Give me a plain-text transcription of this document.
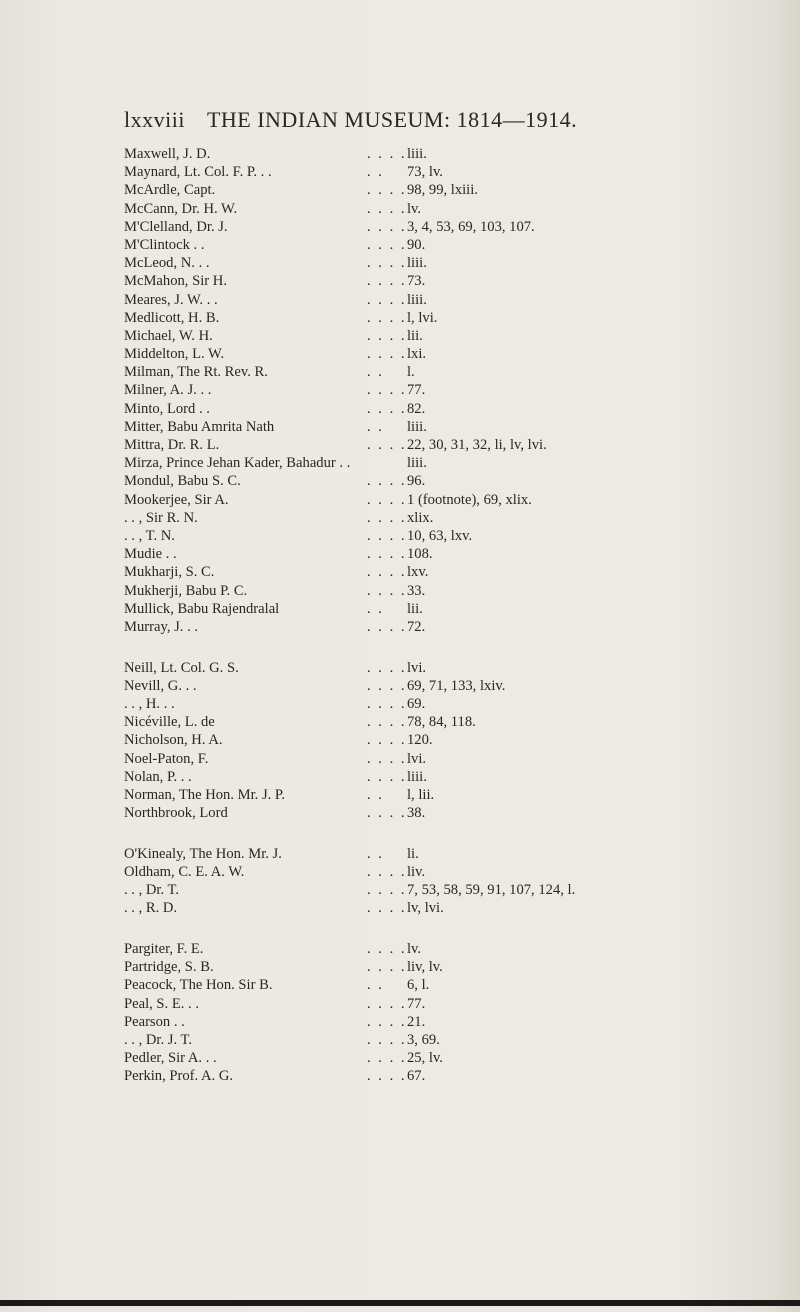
lxxviii THE INDIAN MUSEUM: 1814—1914.
Maxwell, J. D.	. . . . liii.
Maynard, Lt. Col. F. P. . .	. . 73, lv.
McArdle, Capt.	. . . . 98, 99, lxiii.
McCann, Dr. H. W.	. . . . lv.
M'Clelland, Dr. J.	. . . . 3, 4, 53, 69, 103, 107.
M'Clintock . .	. . . . 90.
McLeod, N. . .	. . . . liii.
McMahon, Sir H.	. . . . 73.
Meares, J. W. . .	. . . . liii.
Medlicott, H. B.	. . . . l, lvi.
Michael, W. H.	. . . . lii.
Middelton, L. W.	. . . . lxi.
Milman, The Rt. Rev. R.	. . l.
Milner, A. J. . .	. . . . 77.
Minto, Lord . .	. . . . 82.
Mitter, Babu Amrita Nath	. . liii.
Mittra, Dr. R. L.	. . . . 22, 30, 31, 32, li, lv, lvi.
Mirza, Prince Jehan Kader, Bahadur . .	liii.
Mondul, Babu S. C.	. . . . 96.
Mookerjee, Sir A.	. . . . 1 (footnote), 69, xlix.
. . , Sir R. N.	. . . . xlix.
. . , T. N.	. . . . 10, 63, lxv.
Mudie . .	. . . . 108.
Mukharji, S. C.	. . . . lxv.
Mukherji, Babu P. C.	. . . . 33.
Mullick, Babu Rajendralal	. . lii.
Murray, J. . .	. . . . 72.
Neill, Lt. Col. G. S.	. . . . lvi.
Nevill, G. . .	. . . . 69, 71, 133, lxiv.
. . , H. . .	. . . . 69.
Nicéville, L. de	. . . . 78, 84, 118.
Nicholson, H. A.	. . . . 120.
Noel-Paton, F.	. . . . lvi.
Nolan, P. . .	. . . . liii.
Norman, The Hon. Mr. J. P.	. . l, lii.
Northbrook, Lord	. . . . 38.
O'Kinealy, The Hon. Mr. J.	. . li.
Oldham, C. E. A. W.	. . . . liv.
. . , Dr. T.	. . . . 7, 53, 58, 59, 91, 107, 124, l.
. . , R. D.	. . . . lv, lvi.
Pargiter, F. E.	. . . . lv.
Partridge, S. B.	. . . . liv, lv.
Peacock, The Hon. Sir B.	. . 6, l.
Peal, S. E. . .	. . . . 77.
Pearson . .	. . . . 21.
. . , Dr. J. T.	. . . . 3, 69.
Pedler, Sir A. . .	. . . . 25, lv.
Perkin, Prof. A. G.	. . . . 67.
